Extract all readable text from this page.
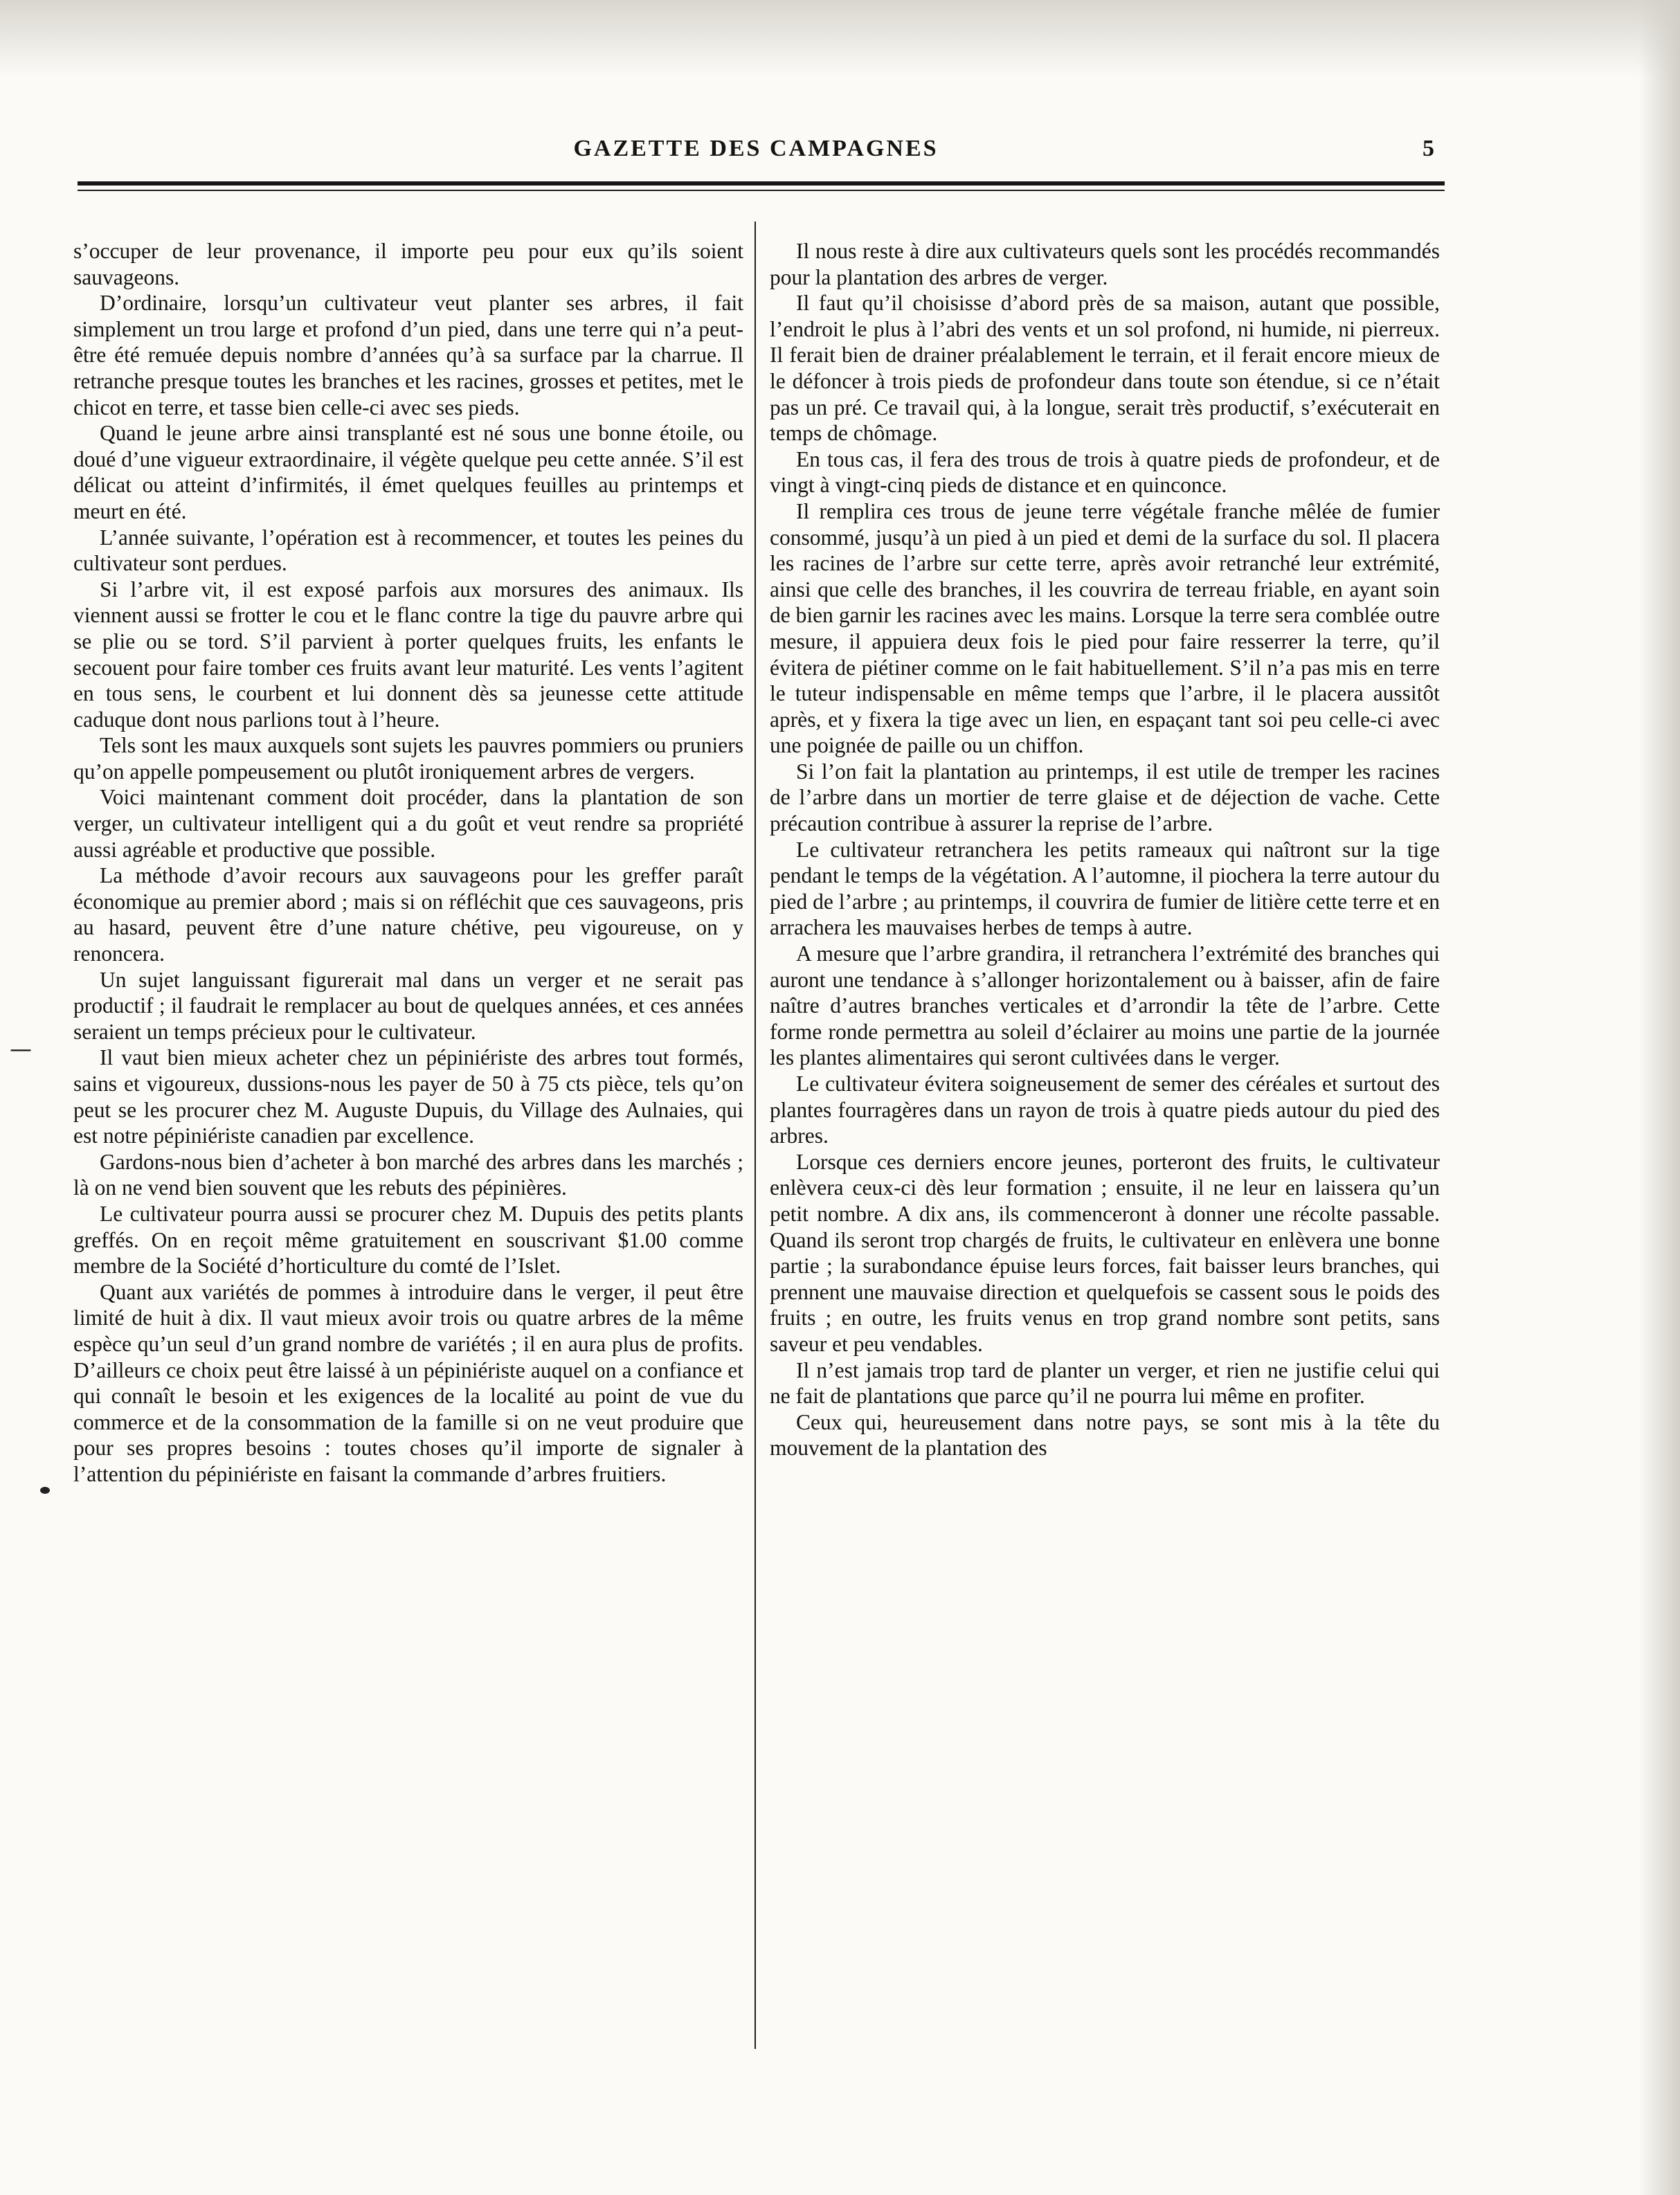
GAZETTE DES CAMPAGNES	5

s’occuper de leur provenance, il importe peu pour eux qu’ils soient sauvageons.

D’ordinaire, lorsqu’un cultivateur veut planter ses arbres, il fait simplement un trou large et profond d’un pied, dans une terre qui n’a peut-être été remuée depuis nombre d’années qu’à sa surface par la charrue. Il retranche presque toutes les branches et les racines, grosses et petites, met le chicot en terre, et tasse bien celle-ci avec ses pieds.

Quand le jeune arbre ainsi transplanté est né sous une bonne étoile, ou doué d’une vigueur extraordinaire, il végète quelque peu cette année. S’il est délicat ou atteint d’infirmités, il émet quelques feuilles au printemps et meurt en été.

L’année suivante, l’opération est à recommencer, et toutes les peines du cultivateur sont perdues.

Si l’arbre vit, il est exposé parfois aux morsures des animaux. Ils viennent aussi se frotter le cou et le flanc contre la tige du pauvre arbre qui se plie ou se tord. S’il parvient à porter quelques fruits, les enfants le secouent pour faire tomber ces fruits avant leur maturité. Les vents l’agitent en tous sens, le courbent et lui donnent dès sa jeunesse cette attitude caduque dont nous parlions tout à l’heure.

Tels sont les maux auxquels sont sujets les pauvres pommiers ou pruniers qu’on appelle pompeusement ou plutôt ironiquement arbres de vergers.

Voici maintenant comment doit procéder, dans la plantation de son verger, un cultivateur intelligent qui a du goût et veut rendre sa propriété aussi agréable et productive que possible.

La méthode d’avoir recours aux sauvageons pour les greffer paraît économique au premier abord ; mais si on réfléchit que ces sauvageons, pris au hasard, peuvent être d’une nature chétive, peu vigoureuse, on y renoncera.

Un sujet languissant figurerait mal dans un verger et ne serait pas productif ; il faudrait le remplacer au bout de quelques années, et ces années seraient un temps précieux pour le cultivateur.

Il vaut bien mieux acheter chez un pépiniériste des arbres tout formés, sains et vigoureux, dussions-nous les payer de 50 à 75 cts pièce, tels qu’on peut se les procurer chez M. Auguste Dupuis, du Village des Aulnaies, qui est notre pépiniériste canadien par excellence.

Gardons-nous bien d’acheter à bon marché des arbres dans les marchés ; là on ne vend bien souvent que les rebuts des pépinières.

Le cultivateur pourra aussi se procurer chez M. Dupuis des petits plants greffés. On en reçoit même gratuitement en souscrivant $1.00 comme membre de la Société d’horticulture du comté de l’Islet.

Quant aux variétés de pommes à introduire dans le verger, il peut être limité de huit à dix. Il vaut mieux avoir trois ou quatre arbres de la même espèce qu’un seul d’un grand nombre de variétés ; il en aura plus de profits. D’ailleurs ce choix peut être laissé à un pépiniériste auquel on a confiance et qui connaît le besoin et les exigences de la localité au point de vue du commerce et de la consommation de la famille si on ne veut produire que pour ses propres besoins : toutes choses qu’il importe de signaler à l’attention du pépiniériste en faisant la commande d’arbres fruitiers.

Il nous reste à dire aux cultivateurs quels sont les procédés recommandés pour la plantation des arbres de verger.

Il faut qu’il choisisse d’abord près de sa maison, autant que possible, l’endroit le plus à l’abri des vents et un sol profond, ni humide, ni pierreux. Il ferait bien de drainer préalablement le terrain, et il ferait encore mieux de le défoncer à trois pieds de profondeur dans toute son étendue, si ce n’était pas un pré. Ce travail qui, à la longue, serait très productif, s’exécuterait en temps de chômage.

En tous cas, il fera des trous de trois à quatre pieds de profondeur, et de vingt à vingt-cinq pieds de distance et en quinconce.

Il remplira ces trous de jeune terre végétale franche mêlée de fumier consommé, jusqu’à un pied à un pied et demi de la surface du sol. Il placera les racines de l’arbre sur cette terre, après avoir retranché leur extrémité, ainsi que celle des branches, il les couvrira de terreau friable, en ayant soin de bien garnir les racines avec les mains. Lorsque la terre sera comblée outre mesure, il appuiera deux fois le pied pour faire resserrer la terre, qu’il évitera de piétiner comme on le fait habituellement. S’il n’a pas mis en terre le tuteur indispensable en même temps que l’arbre, il le placera aussitôt après, et y fixera la tige avec un lien, en espaçant tant soi peu celle-ci avec une poignée de paille ou un chiffon.

Si l’on fait la plantation au printemps, il est utile de tremper les racines de l’arbre dans un mortier de terre glaise et de déjection de vache. Cette précaution contribue à assurer la reprise de l’arbre.

Le cultivateur retranchera les petits rameaux qui naîtront sur la tige pendant le temps de la végétation. A l’automne, il piochera la terre autour du pied de l’arbre ; au printemps, il couvrira de fumier de litière cette terre et en arrachera les mauvaises herbes de temps à autre.

A mesure que l’arbre grandira, il retranchera l’extrémité des branches qui auront une tendance à s’allonger horizontalement ou à baisser, afin de faire naître d’autres branches verticales et d’arrondir la tête de l’arbre. Cette forme ronde permettra au soleil d’éclairer au moins une partie de la journée les plantes alimentaires qui seront cultivées dans le verger.

Le cultivateur évitera soigneusement de semer des céréales et surtout des plantes fourragères dans un rayon de trois à quatre pieds autour du pied des arbres.

Lorsque ces derniers encore jeunes, porteront des fruits, le cultivateur enlèvera ceux-ci dès leur formation ; ensuite, il ne leur en laissera qu’un petit nombre. A dix ans, ils commenceront à donner une récolte passable. Quand ils seront trop chargés de fruits, le cultivateur en enlèvera une bonne partie ; la surabondance épuise leurs forces, fait baisser leurs branches, qui prennent une mauvaise direction et quelquefois se cassent sous le poids des fruits ; en outre, les fruits venus en trop grand nombre sont petits, sans saveur et peu vendables.

Il n’est jamais trop tard de planter un verger, et rien ne justifie celui qui ne fait de plantations que parce qu’il ne pourra lui même en profiter.

Ceux qui, heureusement dans notre pays, se sont mis à la tête du mouvement de la plantation des

—
